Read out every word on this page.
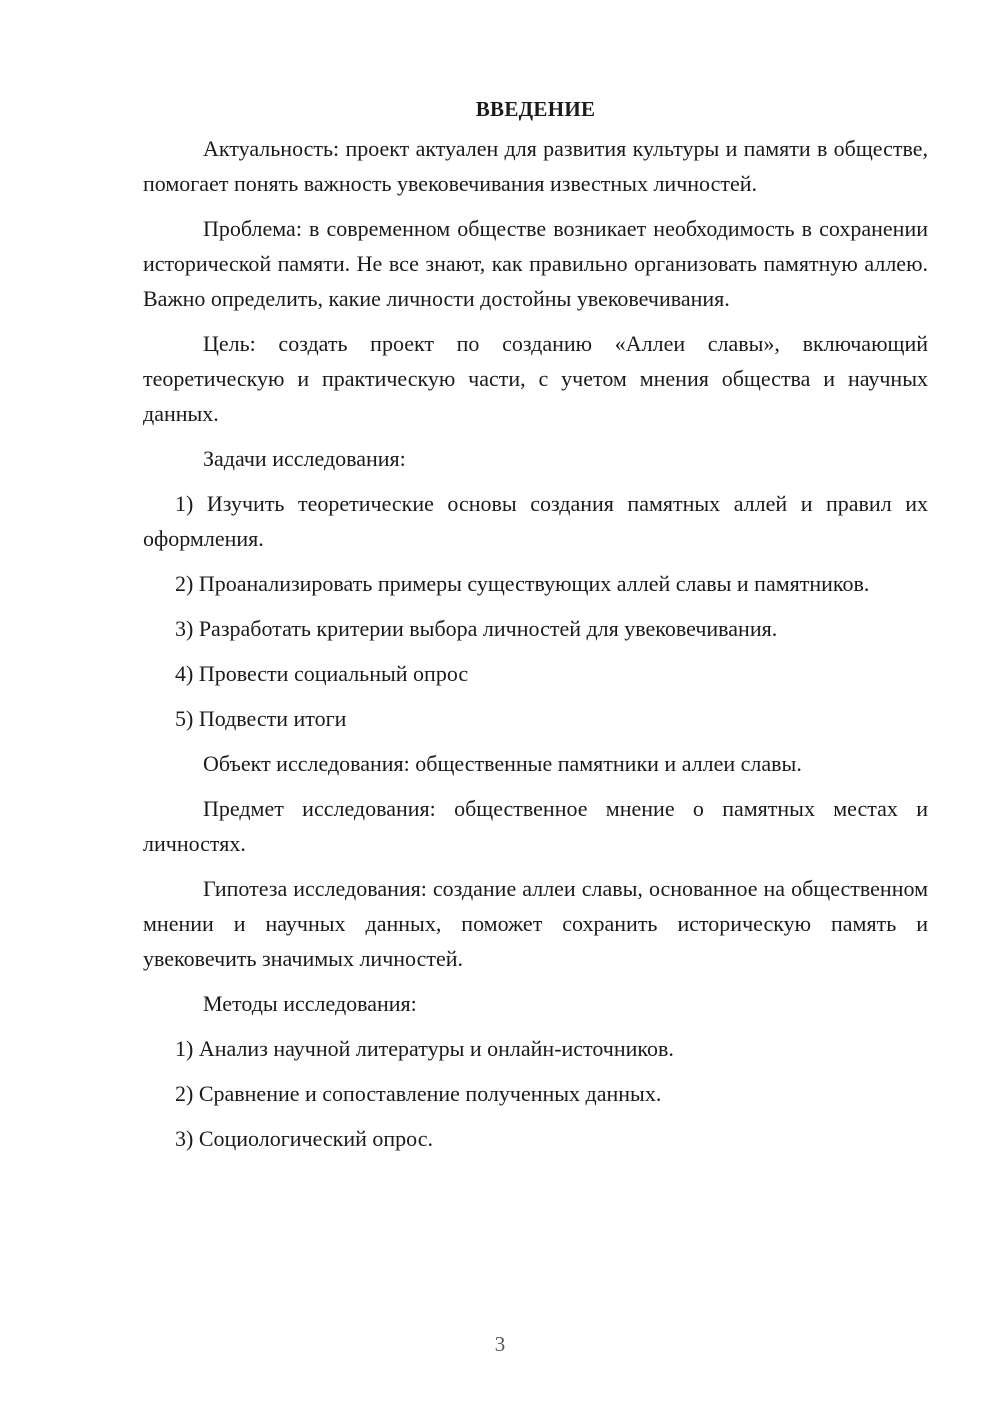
ВВЕДЕНИЕ
Актуальность: проект актуален для развития культуры и памяти в обществе, помогает понять важность увековечивания известных личностей.
Проблема: в современном обществе возникает необходимость в сохранении исторической памяти. Не все знают, как правильно организовать памятную аллею. Важно определить, какие личности достойны увековечивания.
Цель: создать проект по созданию «Аллеи славы», включающий теоретическую и практическую части, с учетом мнения общества и научных данных.
Задачи исследования:
1) Изучить теоретические основы создания памятных аллей и правил их оформления.
2) Проанализировать примеры существующих аллей славы и памятников.
3) Разработать критерии выбора личностей для увековечивания.
4) Провести социальный опрос
5) Подвести итоги
Объект исследования: общественные памятники и аллеи славы.
Предмет исследования: общественное мнение о памятных местах и личностях.
Гипотеза исследования: создание аллеи славы, основанное на общественном мнении и научных данных, поможет сохранить историческую память и увековечить значимых личностей.
Методы исследования:
1) Анализ научной литературы и онлайн-источников.
2) Сравнение и сопоставление полученных данных.
3) Социологический опрос.
3
